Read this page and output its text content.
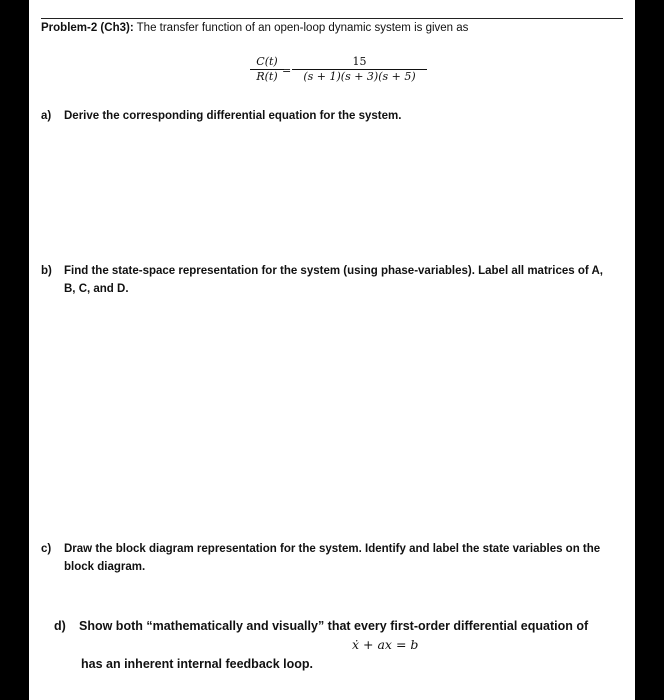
Problem-2 (Ch3): The transfer function of an open-loop dynamic system is given as
C(t)
R(t) =
15
(s + 1)(s + 3)(s + 5)
a) Derive the corresponding differential equation for the system.
b) Find the state-space representation for the system (using phase-variables). Label all matrices of A, B, C, and D.
c) Draw the block diagram representation for the system. Identify and label the state variables on the block diagram.
d) Show both “mathematically and visually” that every first-order differential equation of
ẋ + ax = b
has an inherent internal feedback loop.
